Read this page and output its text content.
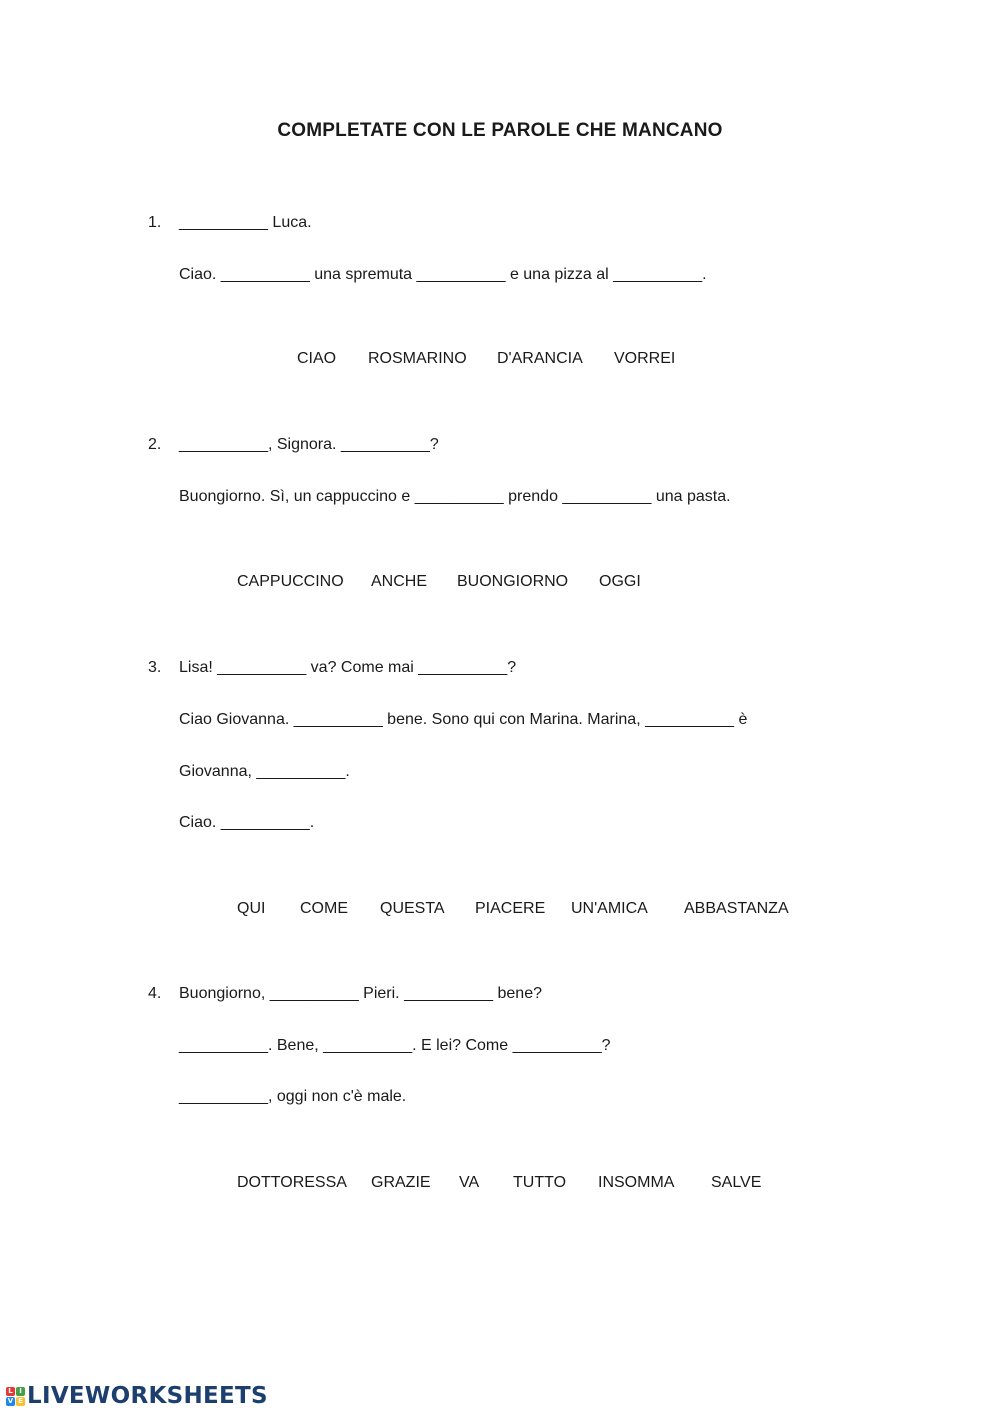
COMPLETATE CON LE PAROLE CHE MANCANO
1. __________ Luca.
Ciao. __________ una spremuta __________ e una pizza al __________.
CIAO ROSMARINO D'ARANCIA VORREI
2. __________, Signora. __________?
Buongiorno. Sì, un cappuccino e __________ prendo __________ una pasta.
CAPPUCCINO ANCHE BUONGIORNO OGGI
3. Lisa! __________ va? Come mai __________?
Ciao Giovanna. __________ bene. Sono qui con Marina. Marina, __________ è
Giovanna, __________.
Ciao. __________.
QUI COME QUESTA PIACERE UN'AMICA ABBASTANZA
4. Buongiorno, __________ Pieri. __________ bene?
__________. Bene, __________. E lei? Come __________?
__________, oggi non c'è male.
DOTTORESSA GRAZIE VA TUTTO INSOMMA SALVE
L I
V E LIVEWORKSHEETS
